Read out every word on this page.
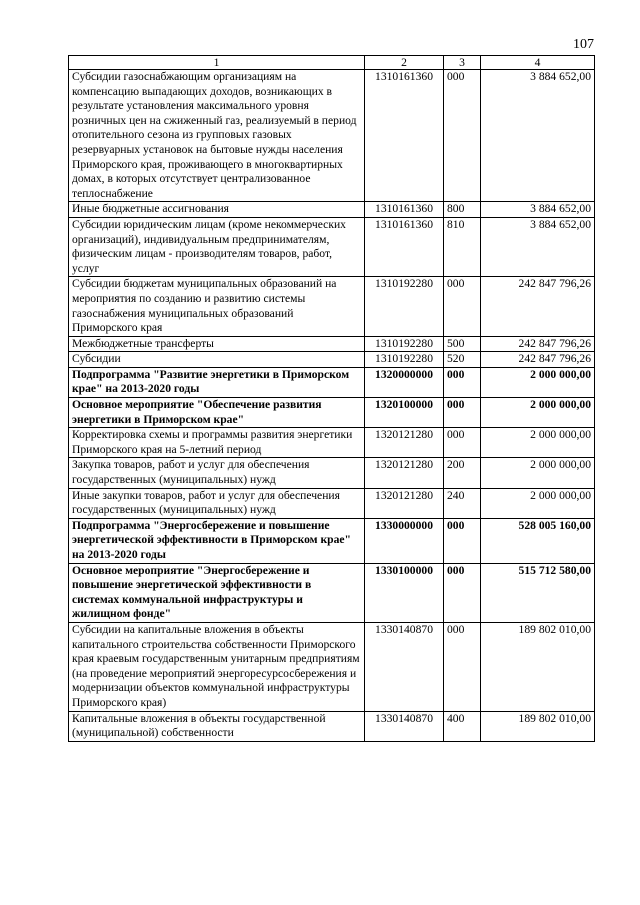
107
1	2	3	4
Субсидии газоснабжающим организациям на компенсацию выпадающих доходов, возникающих в результате установления максимального уровня розничных цен на сжиженный газ, реализуемый в период отопительного сезона из групповых газовых резервуарных установок на бытовые нужды населения Приморского края, проживающего в многоквартирных домах, в которых отсутствует централизованное теплоснабжение	1310161360	000	3 884 652,00
Иные бюджетные ассигнования	1310161360	800	3 884 652,00
Субсидии юридическим лицам (кроме некоммерческих организаций), индивидуальным предпринимателям, физическим лицам - производителям товаров, работ, услуг	1310161360	810	3 884 652,00
Субсидии бюджетам муниципальных образований на мероприятия по созданию и развитию системы газоснабжения муниципальных образований Приморского края	1310192280	000	242 847 796,26
Межбюджетные трансферты	1310192280	500	242 847 796,26
Субсидии	1310192280	520	242 847 796,26
Подпрограмма "Развитие энергетики в Приморском крае" на 2013-2020 годы	1320000000	000	2 000 000,00
Основное мероприятие "Обеспечение развития энергетики в Приморском крае"	1320100000	000	2 000 000,00
Корректировка схемы и программы развития энергетики Приморского края на 5-летний период	1320121280	000	2 000 000,00
Закупка товаров, работ и услуг для обеспечения государственных (муниципальных) нужд	1320121280	200	2 000 000,00
Иные закупки товаров, работ и услуг для обеспечения государственных (муниципальных) нужд	1320121280	240	2 000 000,00
Подпрограмма "Энергосбережение и повышение энергетической эффективности в Приморском крае" на 2013-2020 годы	1330000000	000	528 005 160,00
Основное мероприятие "Энергосбережение и повышение энергетической эффективности в системах коммунальной инфраструктуры и жилищном фонде"	1330100000	000	515 712 580,00
Субсидии на капитальные вложения в объекты капитального строительства собственности Приморского края краевым государственным унитарным предприятиям (на проведение мероприятий энергоресурсосбережения и модернизации объектов коммунальной инфраструктуры Приморского края)	1330140870	000	189 802 010,00
Капитальные вложения в объекты государственной (муниципальной) собственности	1330140870	400	189 802 010,00
